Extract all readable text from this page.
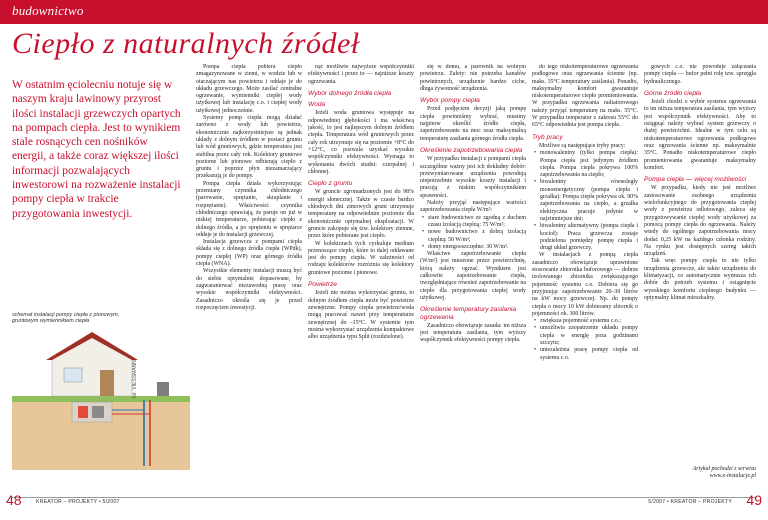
budownictwo
Ciepło z naturalnych źródeł
W ostatnim ęciolecniu notuje się w naszym kraju lawinowy przyrost ilości instalacji grzewczych opartych na pompach ciepła. Jest to wynikiem stale rosnących cen nośników energii, a także coraz większej ilości informacji pozwalających inwestorowi na rozważenie instalacji pompy ciepła w trakcie przygotowania inwestycji.
schemat instalacji pompy ciepła z pionowym, gruntowym wymiennikiem ciepła
fot. VIESSMANN

Pompa ciepła pobiera ciepło zmagazynowane w ziemi, w wodzie lub w otaczającym nas powietrzu i oddaje je do układu grzewczego. Może zasilać centralne ogrzewanie, wymienniki ciepłej wody użytkowej lub instalację c.o. i ciepłej wody użytkowej jednocześnie.

Systemy pomp ciepła mogą działać zarówno z wody lub powietrza, ekonomicznie najkorzystniejsze są jednak układy z dolnym źródłem w postaci gruntu lub wód gruntowych, gdzie temperatura jest stabilna przez cały rok. Kolektory gruntowe poziome lub pionowe odbierają ciepło z gruntu i poprzez płyn niezamarzający przekazują je do pompy.

Pompa ciepła działa wykorzystując przemiany czynnika chłodniczego (parowanie, sprężanie, skraplanie i rozprężanie). Właściwości czynnika chłodniczego sprawiają, że paruje on już w niskiej temperaturze, pobierając ciepło z dolnego źródła, a po sprężeniu w sprężarce oddaje je do instalacji grzewczej.

Instalacja grzewcza z pompami ciepła składa się z dolnego źródła ciepła (WPdk), pompy ciepłej (WP) oraz górnego źródła ciepła (WNA).

Wszystkie elementy instalacji muszą być do siebie optymalnie dopasowane, by zagwarantować niezawodną pracę oraz wysokie współczynniki efektywności. Zasadniczo określa się je przed rozpoczęciem inwestycji.

nąć możliwie najwyższe współczynniki efektywności i przez to — najniższe koszty ogrzewania.

Wybór dolnego źródła ciepła
Woda

Jeżeli woda gruntowa występuje na odpowiedniej głębokości i ma właściwą jakość, to jest najlepszym dolnym źródłem ciepła. Temperatura wód gruntowych przez cały rok utrzymuje się na poziomie +8°C do +12°C, co pozwala uzyskać wysokie współczynniki efektywności. Wymaga to wykonania dwóch studni: czerpalnej i chłonnej.

Ciepło z gruntu

W gruncie zgromadzonych jest do 98% energii słonecznej. Także w czasie bardzo chłodnych dni zimowych grunt utrzymuje temperaturę na odpowiednim poziomie dla ekonomicznie optymalnej eksploatacji. W gruncie zakopuje się tzw. kolektory ziemne, przez które pobierane jest ciepło.

W kolektorach tych cyrkuluje medium przenoszące ciepło, które to dalej oddawane jest do pompy ciepła. W zależności od rodzaju kolektorów rozróżnia się kolektory gruntowe poziome i pionowe.

Powietrze

Jeżeli nie można wykorzystać gruntu, to dolnym źródłem ciepła może być powietrze zewnętrzne. Pompy ciepła powietrze/woda mogą pracować nawet przy temperaturze zewnętrznej do -15°C. W systemie tym można wykorzystać urządzenia kompaktowe albo urządzenia typu Split (rozdzielone).

się w domu, a parownik na wolnym powietrzu. Zalety: nie potrzeba kanałów powietrznych, urządzenie bardzo ciche, długa żywotność urządzenia.

Wybór pompy ciepła

Przed podjęciem decyzji jaką pompę ciepła powinniśmy wybrać, musimy najpierw określić źródło ciepła, zapotrzebowanie na moc oraz maksymalną temperaturę zasilania górnego źródła ciepła.

Określenie zapotrzebowania ciepła

W przypadku instalacji z pompami ciepła szczególnie ważny jest ich dokładny dobór: przewymiarowane urządzenia powodują niepotrzebnie wysokie koszty instalacji i pracują z niskim współczynnikiem sprawności.

Należy przyjąć następujące wartości zapotrzebowania ciepła W/m²:

• stare budownictwo ze zgodną z duchem czasu izolacją cieplną: 75 W/m²;
• nowe budownictwo z dobrą izolacją cieplną: 50 W/m²;
• domy energooszczędne: 30 W/m².

Właściwe zapotrzebowanie ciepła (W/m²) jest mnożone przez powierzchnię, którą należy ogrzać. Wynikiem jest całkowite zapotrzebowanie ciepła, uwzględniające również zapotrzebowanie na ciepło dla przygotowania ciepłej wody użytkowej.

Określenie temperatury zasilania ogrzewania

Zasadniczo obowiązuje zasada: im niższa jest temperatura zasilania, tym wyższy współczynnik efektywności pompy ciepła.

do tego niskotemperaturowe ogrzewania podłogowe oraz ogrzewania ścienne (np. maks. 35°C temperatury zasilania). Ponadto, maksymalny komfort gwarantuje niskotemperaturowe ciepło promieniowania. W przypadku ogrzewania radiatorowego należy przyjąć temperaturę na maks. 55°C. W przypadku temperatur z zakresu 55°C do 65°C odpowiednia jest pompa ciepła.

Tryb pracy

Możliwe są następujące tryby pracy:

• monowalentny (tylko pompa ciepła): Pompa ciepła jest jedynym źródłem ciepła. Pompa ciepła pokrywa 100% zapotrzebowania na ciepło;
• biwalentny równoległy monoenergetyczny (pompa ciepła i grzałka): Pompa ciepła pokrywa ok. 90% zapotrzebowania na ciepło, a grzałka elektryczna pracuje jedynie w najzimniejsze dni;
• biwalentny alternatywny (pompa ciepła i kocioł): Praca grzewcza zostaje podzielona pomiędzy pompę ciepła i drugi układ grzewczy.

W instalacjach z pompą ciepła zasadniczo obowiązuje uprawnione stosowanie zbiornika buforowego — dobrze izolowanego zbiornika zwiększającego pojemność systemu c.o. Dobiera się go przyjmując zapotrzebowanie 20–30 litrów na kW mocy grzewczej. Np. do pompy ciepła o mocy 10 kW dobieramy zbiornik o pojemności ok. 300 litrów.

• zwiększa pojemność systemu c.o.;
• umożliwia zaopatrzenie układu pompy ciepła w energię poza godzinami szczytu;
• uniezależnia pracę pompy ciepła od systemu c.o.

gowych c.o. nie powoduje załączania pompy ciepła — bufor pełni rolę tzw. sprzęgła hydraulicznego.

Górne źródło ciepła

Jeżeli chodzi o wybór systemu ogrzewania to im niższa temperatura zasilania, tym wyższy jest współczynnik efektywności. Aby to osiągnąć należy wybrać system grzewczy o dużej powierzchni. Idealne w tym celu są niskotemperaturowe ogrzewania podłogowe oraz ogrzewania ścienne np. maksymalnie 35°C. Ponadto niskotemperaturowe ciepło promieniowania gwarantuje maksymalny komfort.

Pompa ciepła — więcej możliwości

W przypadku, kiedy nie jest możliwe zastosowanie osobnego urządzenia wielofunkcyjnego do przygotowania ciepłej wody z powietrza odlotowego, zaleca się przygotowywanie ciepłej wody użytkowej za pomocą pompy ciepła do ogrzewania. Należy wtedy do ogólnego zapotrzebowania mocy dodać 0,25 kW na każdego członka rodziny. Na rynku jest dostępnych szereg takich urządzeń.

Tak więc pompy ciepła to nie tylko urządzenia grzewcze, ale także urządzenia do klimatyzacji, co automatycznie wymusza ich dobór do potrzeb systemu i osiągnięcie wysokiego komfortu cieplnego budynku — optymalny klimat mieszkalny.

Artykuł pochodzi z serwisu
www.e-instalacje.pl
48	49
KREATOR – PROJEKTY • 5/2007	5/2007 • KREATOR – PROJEKTY
